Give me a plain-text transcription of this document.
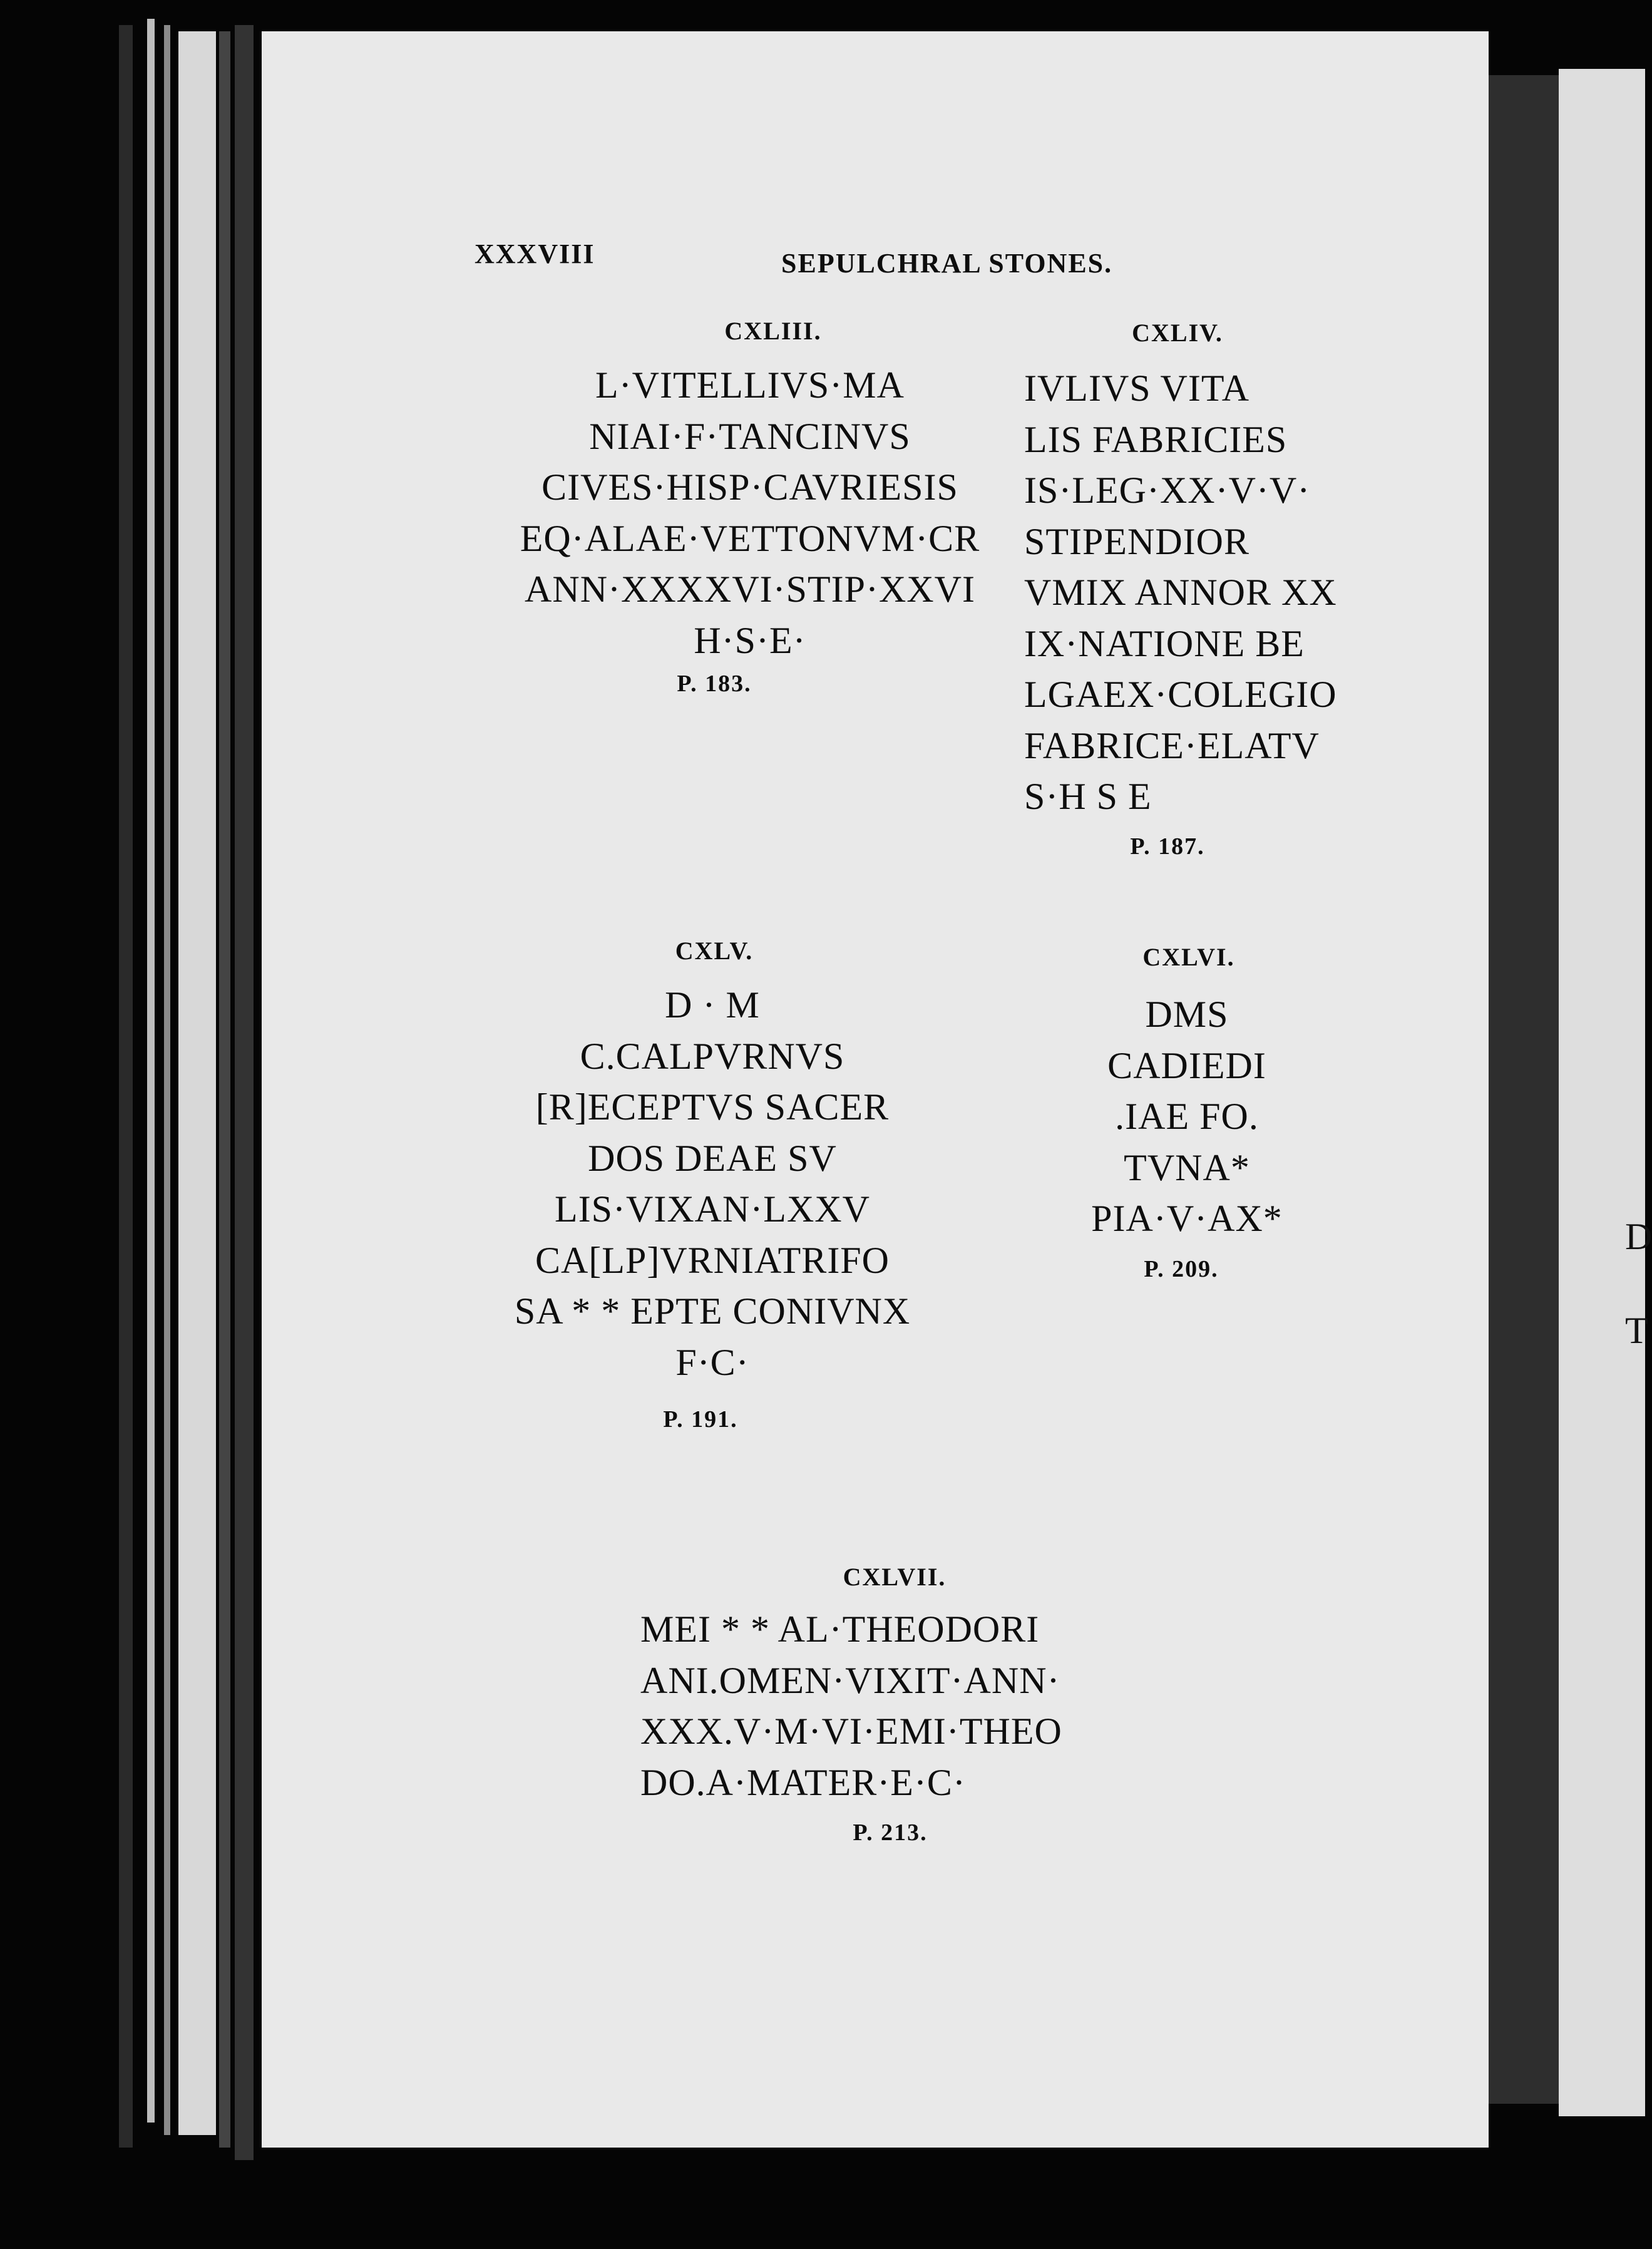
D
T
XXXVIII	SEPULCHRAL STONES.
CXLIII.
L·VITELLIVS·MA
NIAI·F·TANCINVS
CIVES·HISP·CAVRIESIS
EQ·ALAE·VETTONVM·CR
ANN·XXXXVI·STIP·XXVI
H·S·E·
P. 183.
CXLIV.
IVLIVS VITA
LIS FABRICIES
IS·LEG·XX·V·V·
STIPENDIOR
VMIX ANNOR XX
IX·NATIONE BE
LGAEX·COLEGIO
FABRICE·ELATV
S·H S E
P. 187.
CXLV.
D · M
C.CALPVRNVS
[R]ECEPTVS SACER
DOS DEAE SV
LIS·VIXAN·LXXV
CA[LP]VRNIATRIFO
SA * * EPTE CONIVNX
F·C·
P. 191.
CXLVI.
DMS
CADIEDI
.IAE FO.
TVNA*
PIA·V·AX*
P. 209.
CXLVII.
MEI * * AL·THEODORI
ANI.OMEN·VIXIT·ANN·
XXX.V·M·VI·EMI·THEO
DO.A·MATER·E·C·
P. 213.
